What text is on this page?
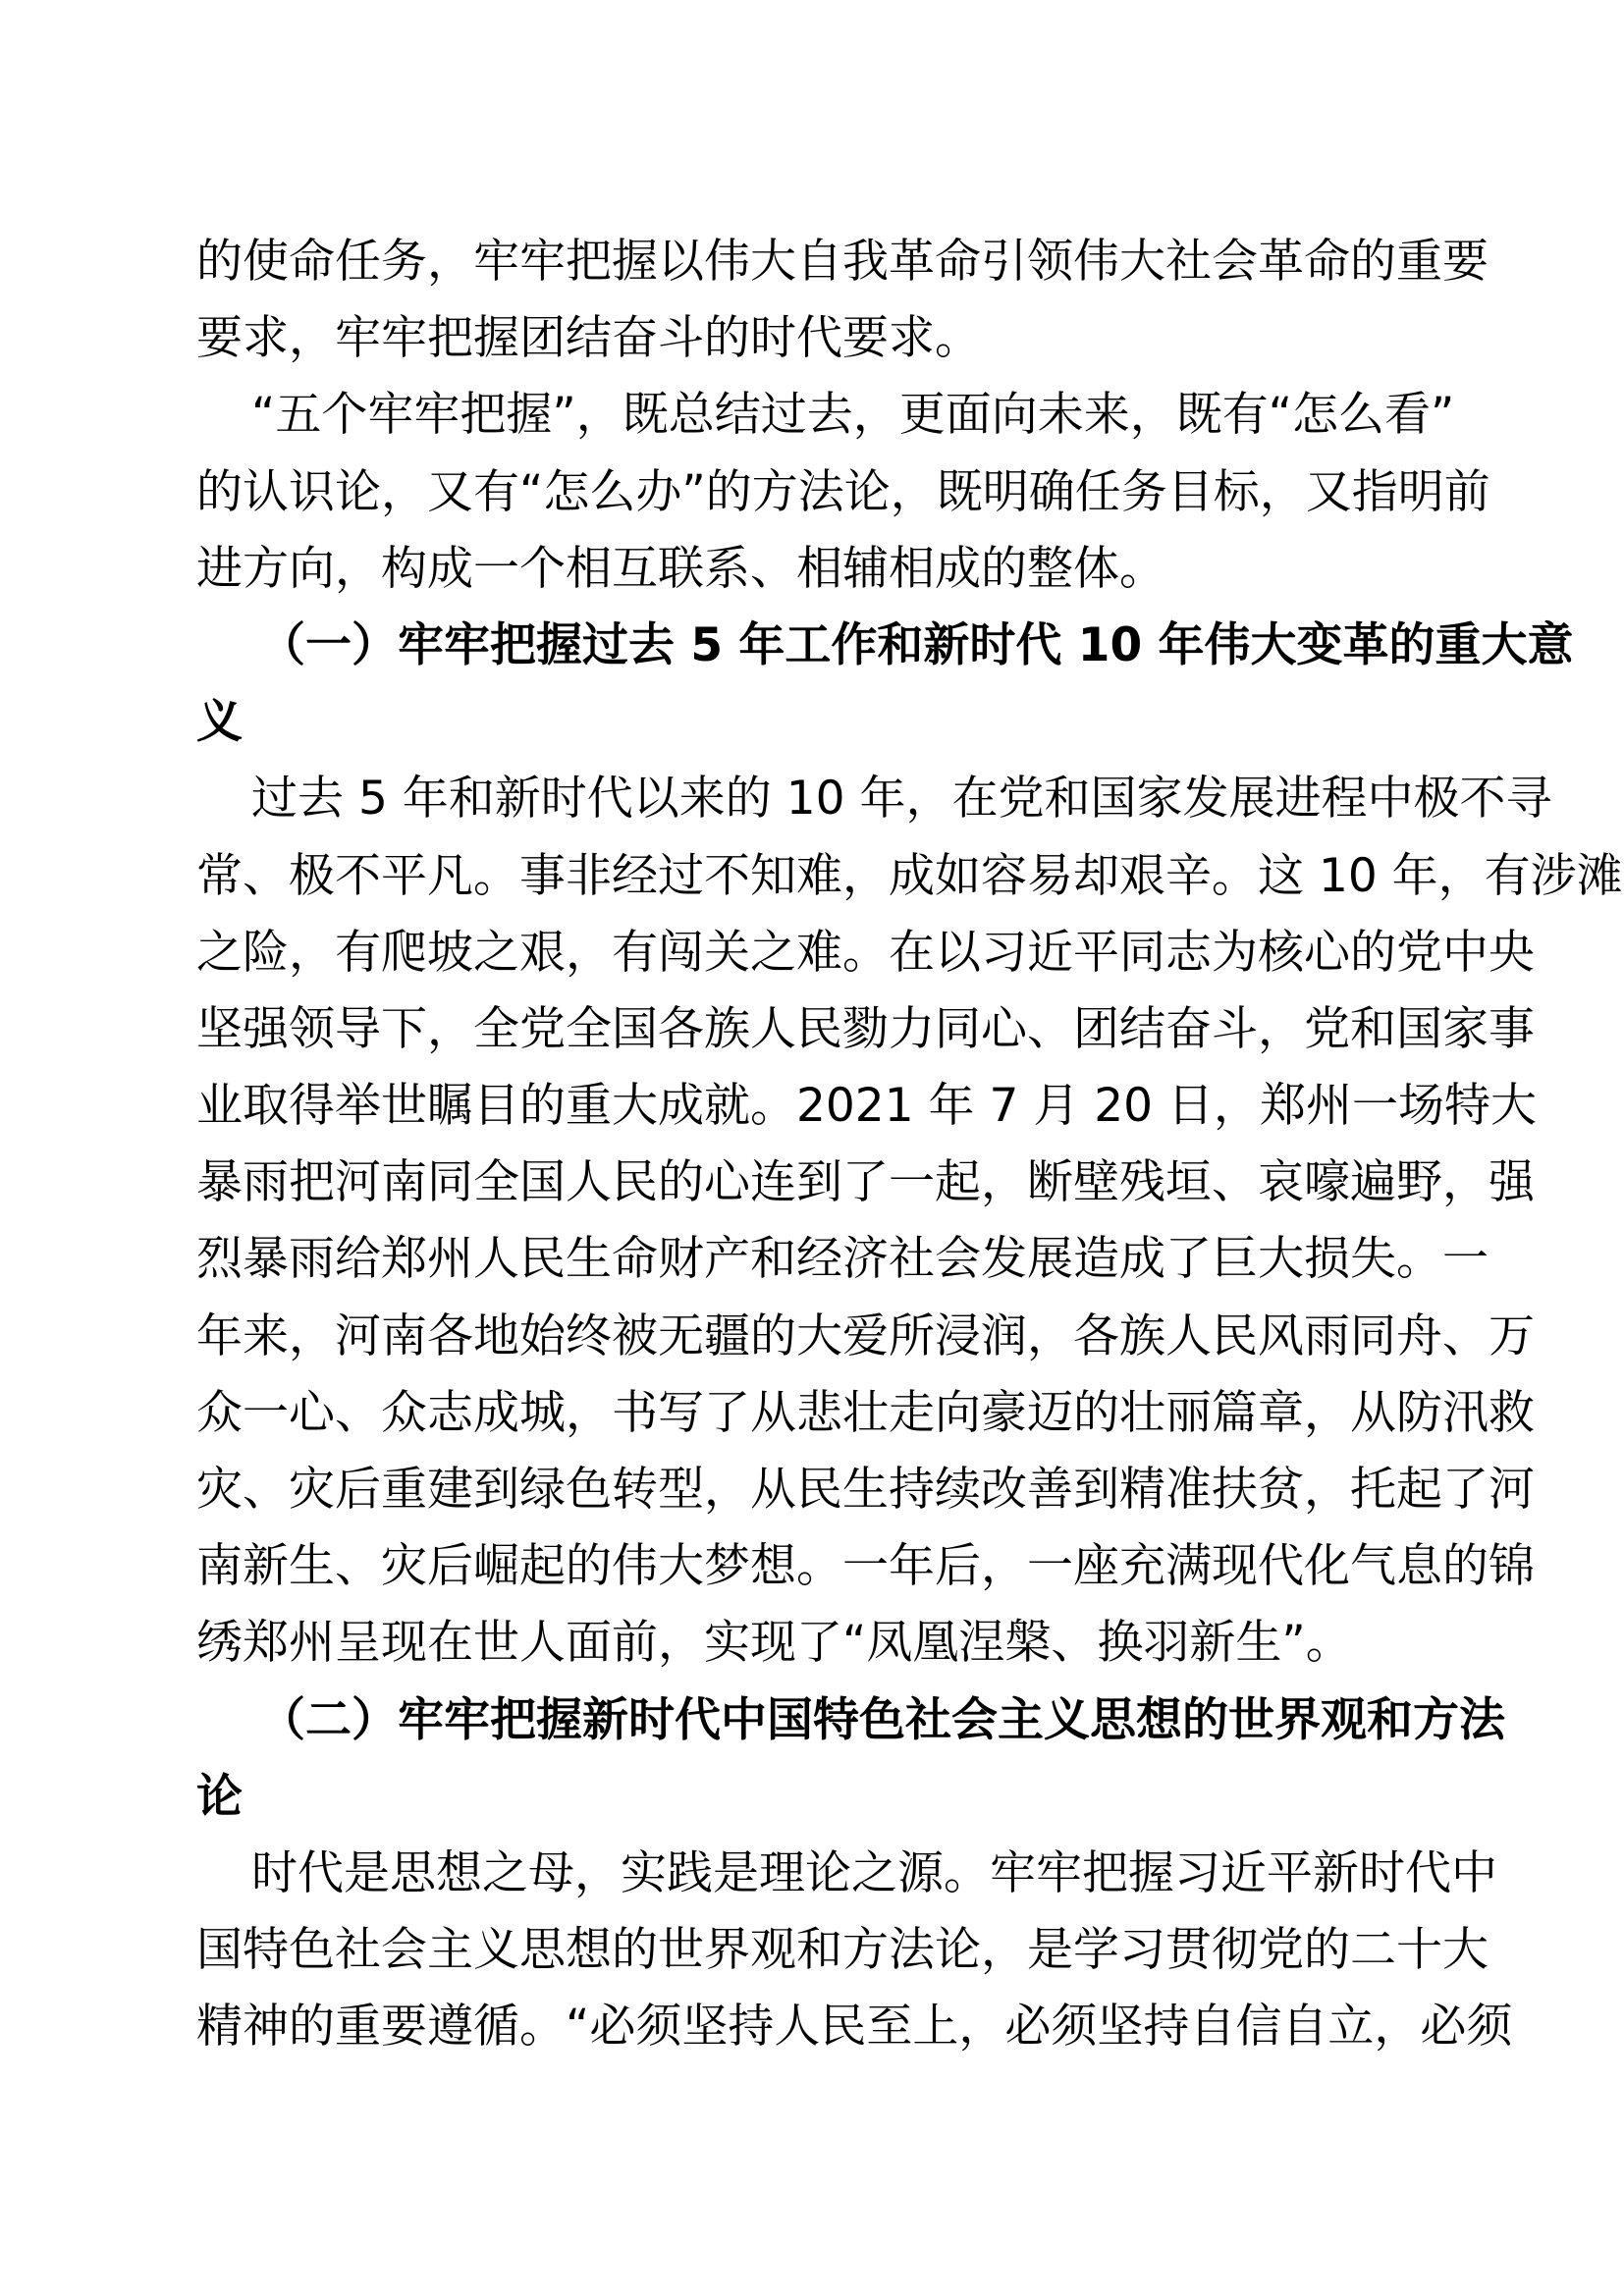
的使命任务，牢牢把握以伟大自我革命引领伟大社会革命的重要
要求，牢牢把握团结奋斗的时代要求。
“五个牢牢把握”，既总结过去，更面向未来，既有“怎么看”
的认识论，又有“怎么办”的方法论，既明确任务目标，又指明前
进方向，构成一个相互联系、相辅相成的整体。
（一）牢牢把握过去 5 年工作和新时代 10 年伟大变革的重大意
义
过去 5 年和新时代以来的 10 年，在党和国家发展进程中极不寻
常、极不平凡。事非经过不知难，成如容易却艰辛。这 10 年，有涉滩
之险，有爬坡之艰，有闯关之难。在以习近平同志为核心的党中央
坚强领导下，全党全国各族人民勠力同心、团结奋斗，党和国家事
业取得举世瞩目的重大成就。2021 年 7 月 20 日，郑州一场特大
暴雨把河南同全国人民的心连到了一起，断壁残垣、哀嚎遍野，强
烈暴雨给郑州人民生命财产和经济社会发展造成了巨大损失。一
年来，河南各地始终被无疆的大爱所浸润，各族人民风雨同舟、万
众一心、众志成城，书写了从悲壮走向豪迈的壮丽篇章，从防汛救
灾、灾后重建到绿色转型，从民生持续改善到精准扶贫，托起了河
南新生、灾后崛起的伟大梦想。一年后，一座充满现代化气息的锦
绣郑州呈现在世人面前，实现了“凤凰涅槃、换羽新生”。
（二）牢牢把握新时代中国特色社会主义思想的世界观和方法
论
时代是思想之母，实践是理论之源。牢牢把握习近平新时代中
国特色社会主义思想的世界观和方法论，是学习贯彻党的二十大
精神的重要遵循。“必须坚持人民至上，必须坚持自信自立，必须
